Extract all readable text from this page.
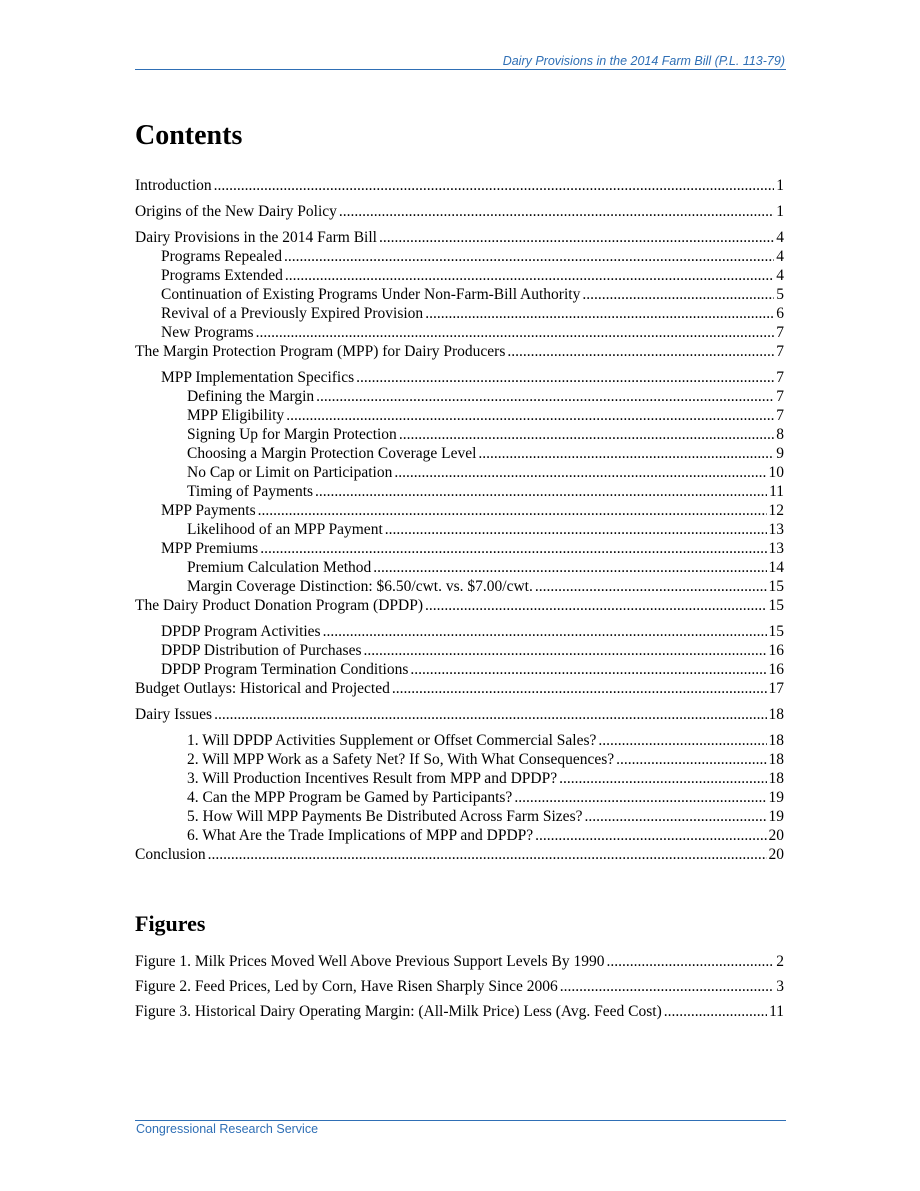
Dairy Provisions in the 2014 Farm Bill (P.L. 113-79)
Contents
Introduction .....	1
Origins of the New Dairy Policy .....	1
Dairy Provisions in the 2014 Farm Bill .....	4
Programs Repealed .....	4
Programs Extended .....	4
Continuation of Existing Programs Under Non-Farm-Bill Authority .....	5
Revival of a Previously Expired Provision .....	6
New Programs .....	7
The Margin Protection Program (MPP) for Dairy Producers .....	7
MPP Implementation Specifics .....	7
Defining the Margin .....	7
MPP Eligibility .....	7
Signing Up for Margin Protection .....	8
Choosing a Margin Protection Coverage Level .....	9
No Cap or Limit on Participation .....	10
Timing of Payments .....	11
MPP Payments .....	12
Likelihood of an MPP Payment .....	13
MPP Premiums .....	13
Premium Calculation Method .....	14
Margin Coverage Distinction: $6.50/cwt. vs. $7.00/cwt. .....	15
The Dairy Product Donation Program (DPDP) .....	15
DPDP Program Activities .....	15
DPDP Distribution of Purchases .....	16
DPDP Program Termination Conditions .....	16
Budget Outlays: Historical and Projected .....	17
Dairy Issues .....	18
1. Will DPDP Activities Supplement or Offset Commercial Sales? .....	18
2. Will MPP Work as a Safety Net? If So, With What Consequences? .....	18
3. Will Production Incentives Result from MPP and DPDP? .....	18
4. Can the MPP Program be Gamed by Participants? .....	19
5. How Will MPP Payments Be Distributed Across Farm Sizes? .....	19
6. What Are the Trade Implications of MPP and DPDP? .....	20
Conclusion .....	20
Figures
Figure 1. Milk Prices Moved Well Above Previous Support Levels By 1990 .....	2
Figure 2. Feed Prices, Led by Corn, Have Risen Sharply Since 2006 .....	3
Figure 3. Historical Dairy Operating Margin: (All-Milk Price) Less (Avg. Feed Cost) .....	11
Congressional Research Service
